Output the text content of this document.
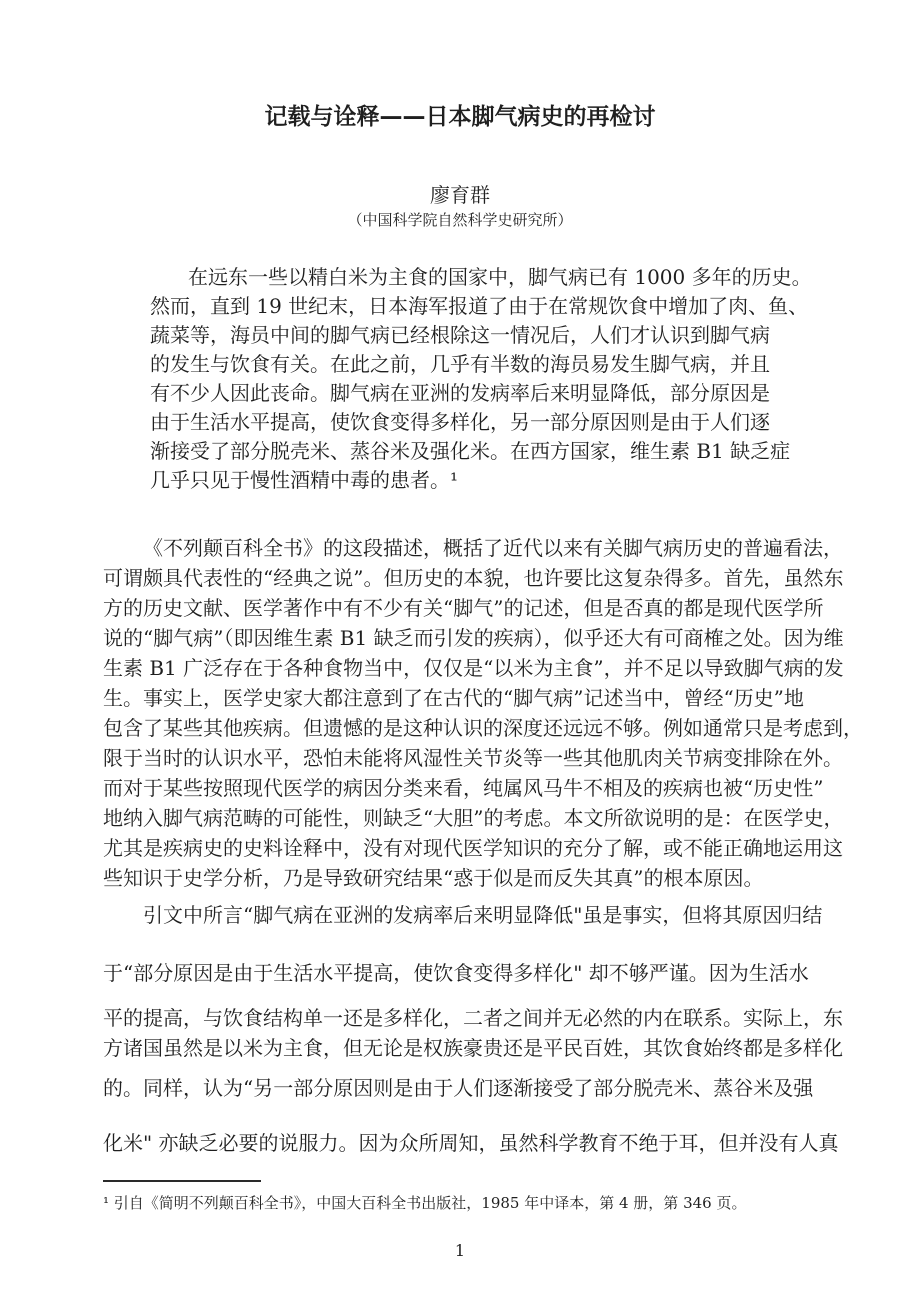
记载与诠释——日本脚气病史的再检讨
廖育群
（中国科学院自然科学史研究所）
在远东一些以精白米为主食的国家中，脚气病已有 1000 多年的历史。
然而，直到 19 世纪末，日本海军报道了由于在常规饮食中增加了肉、鱼、
蔬菜等，海员中间的脚气病已经根除这一情况后，人们才认识到脚气病
的发生与饮食有关。在此之前，几乎有半数的海员易发生脚气病，并且
有不少人因此丧命。脚气病在亚洲的发病率后来明显降低，部分原因是
由于生活水平提高，使饮食变得多样化，另一部分原因则是由于人们逐
渐接受了部分脱壳米、蒸谷米及强化米。在西方国家，维生素 B1 缺乏症
几乎只见于慢性酒精中毒的患者。¹
《不列颠百科全书》的这段描述，概括了近代以来有关脚气病历史的普遍看法，
可谓颇具代表性的“经典之说”。但历史的本貌，也许要比这复杂得多。首先，虽然东
方的历史文献、医学著作中有不少有关“脚气”的记述，但是否真的都是现代医学所
说的“脚气病”（即因维生素 B1 缺乏而引发的疾病），似乎还大有可商榷之处。因为维
生素 B1 广泛存在于各种食物当中，仅仅是“以米为主食”，并不足以导致脚气病的发
生。事实上，医学史家大都注意到了在古代的“脚气病”记述当中，曾经“历史”地
包含了某些其他疾病。但遗憾的是这种认识的深度还远远不够。例如通常只是考虑到，
限于当时的认识水平，恐怕未能将风湿性关节炎等一些其他肌肉关节病变排除在外。
而对于某些按照现代医学的病因分类来看，纯属风马牛不相及的疾病也被“历史性”
地纳入脚气病范畴的可能性，则缺乏“大胆”的考虑。本文所欲说明的是：在医学史，
尤其是疾病史的史料诠释中，没有对现代医学知识的充分了解，或不能正确地运用这
些知识于史学分析，乃是导致研究结果“惑于似是而反失其真”的根本原因。
引文中所言“脚气病在亚洲的发病率后来明显降低"虽是事实，但将其原因归结
于“部分原因是由于生活水平提高，使饮食变得多样化" 却不够严谨。因为生活水
平的提高，与饮食结构单一还是多样化，二者之间并无必然的内在联系。实际上，东
方诸国虽然是以米为主食，但无论是权族豪贵还是平民百姓，其饮食始终都是多样化
的。同样，认为“另一部分原因则是由于人们逐渐接受了部分脱壳米、蒸谷米及强
化米" 亦缺乏必要的说服力。因为众所周知，虽然科学教育不绝于耳，但并没有人真
¹ 引自《简明不列颠百科全书》，中国大百科全书出版社，1985 年中译本，第 4 册，第 346 页。
1
